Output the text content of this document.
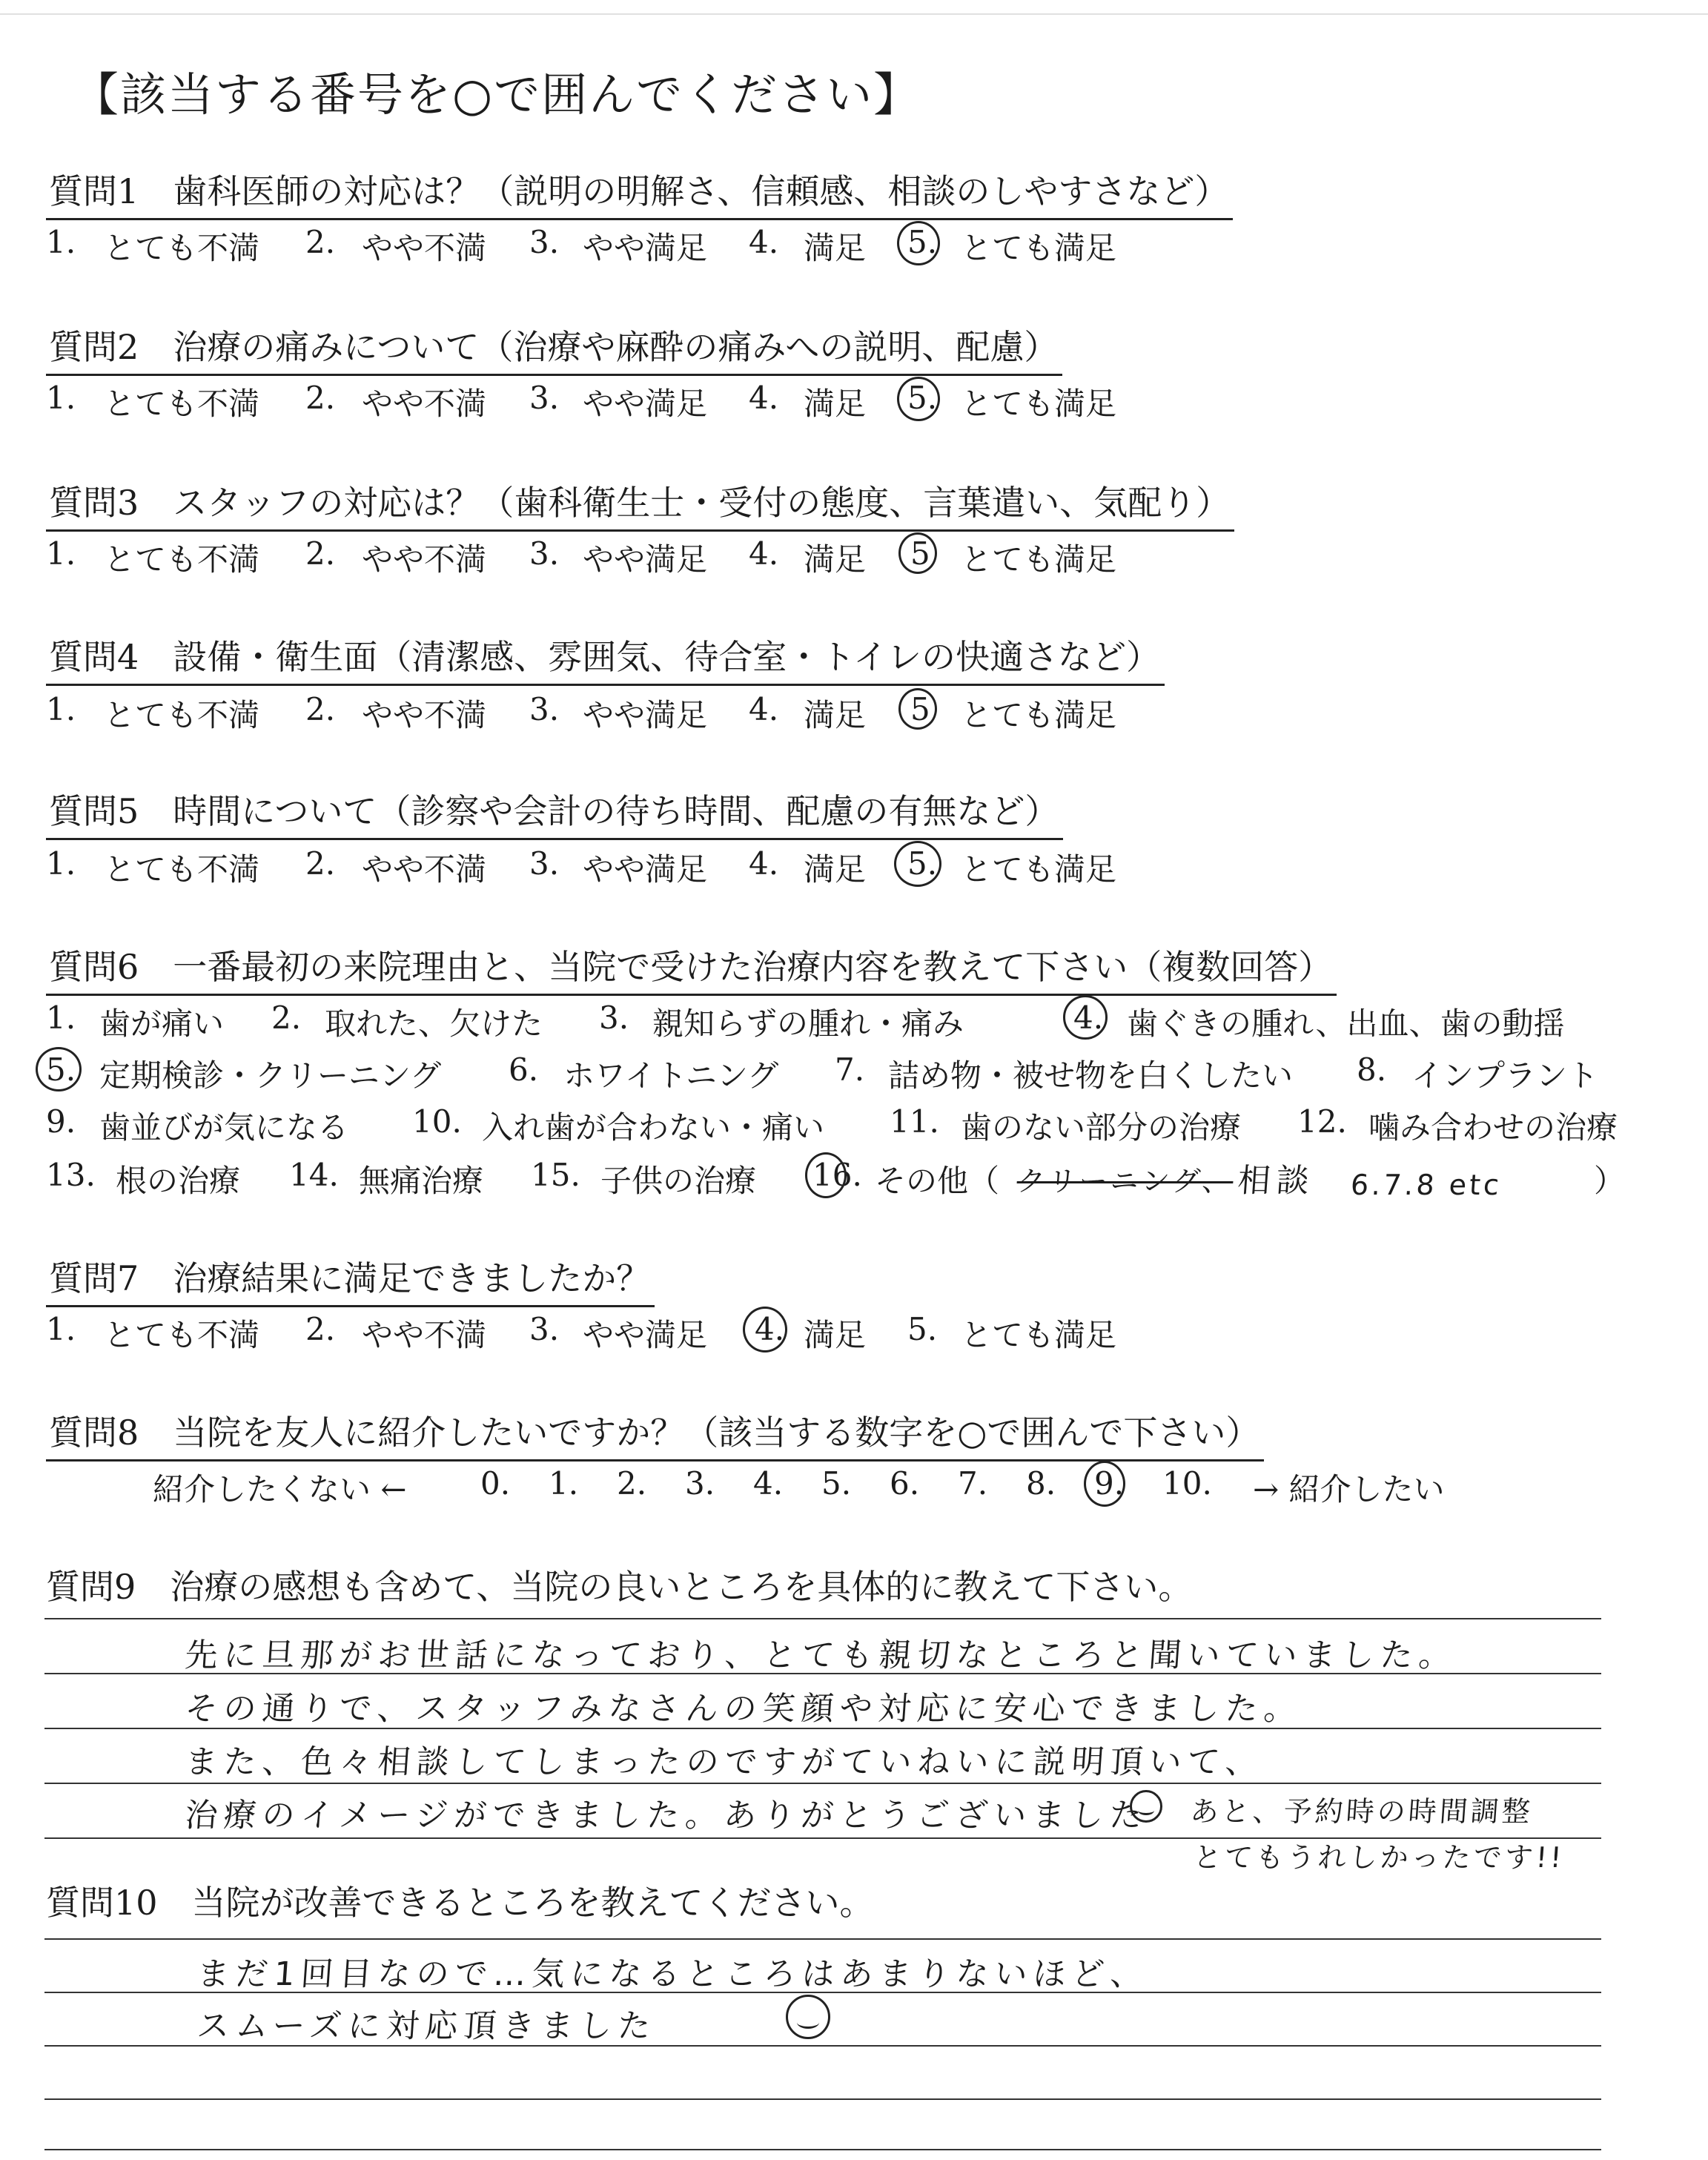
【該当する番号を○で囲んでください】
質問1　歯科医師の対応は？（説明の明解さ、信頼感、相談のしやすさなど）
1. とても不満 2. やや不満 3. やや満足 4. 満足 5. とても満足
質問2　治療の痛みについて（治療や麻酔の痛みへの説明、配慮）
1. とても不満 2. やや不満 3. やや満足 4. 満足 5. とても満足
質問3　スタッフの対応は？（歯科衛生士・受付の態度、言葉遣い、気配り）
1. とても不満 2. やや不満 3. やや満足 4. 満足 5 とても満足
質問4　設備・衛生面（清潔感、雰囲気、待合室・トイレの快適さなど）
1. とても不満 2. やや不満 3. やや満足 4. 満足 5 とても満足
質問5　時間について（診察や会計の待ち時間、配慮の有無など）
1. とても不満 2. やや不満 3. やや満足 4. 満足 5. とても満足
質問6　一番最初の来院理由と、当院で受けた治療内容を教えて下さい（複数回答）
1. 歯が痛い 2. 取れた、欠けた 3. 親知らずの腫れ・痛み	4. 歯ぐきの腫れ、出血、歯の動揺
5. 定期検診・クリーニング 6. ホワイトニング 7. 詰め物・被せ物を白くしたい 8. インプラント
9. 歯並びが気になる 10. 入れ歯が合わない・痛い 11. 歯のない部分の治療 12. 噛み合わせの治療
13. 根の治療 14. 無痛治療 15. 子供の治療 16. その他（	）
クリーニング、 相談 6.7.8 etc
質問7　治療結果に満足できましたか？
1. とても不満 2. やや不満 3. やや満足 4. 満足 5. とても満足
質問8　当院を友人に紹介したいですか？（該当する数字を○で囲んで下さい）
紹介したくない ← 0. 1. 2. 3. 4. 5. 6. 7. 8. 9. 10. → 紹介したい
質問9　治療の感想も含めて、当院の良いところを具体的に教えて下さい。
先に旦那がお世話になっており、とても親切なところと聞いていました。
その通りで、スタッフみなさんの笑顔や対応に安心できました。
また、色々相談してしまったのですがていねいに説明頂いて、
治療のイメージができました。ありがとうございました あと、予約時の時間調整
とてもうれしかったです!!
質問10　当院が改善できるところを教えてください。
まだ1回目なので…気になるところはあまりないほど、
スムーズに対応頂きました
